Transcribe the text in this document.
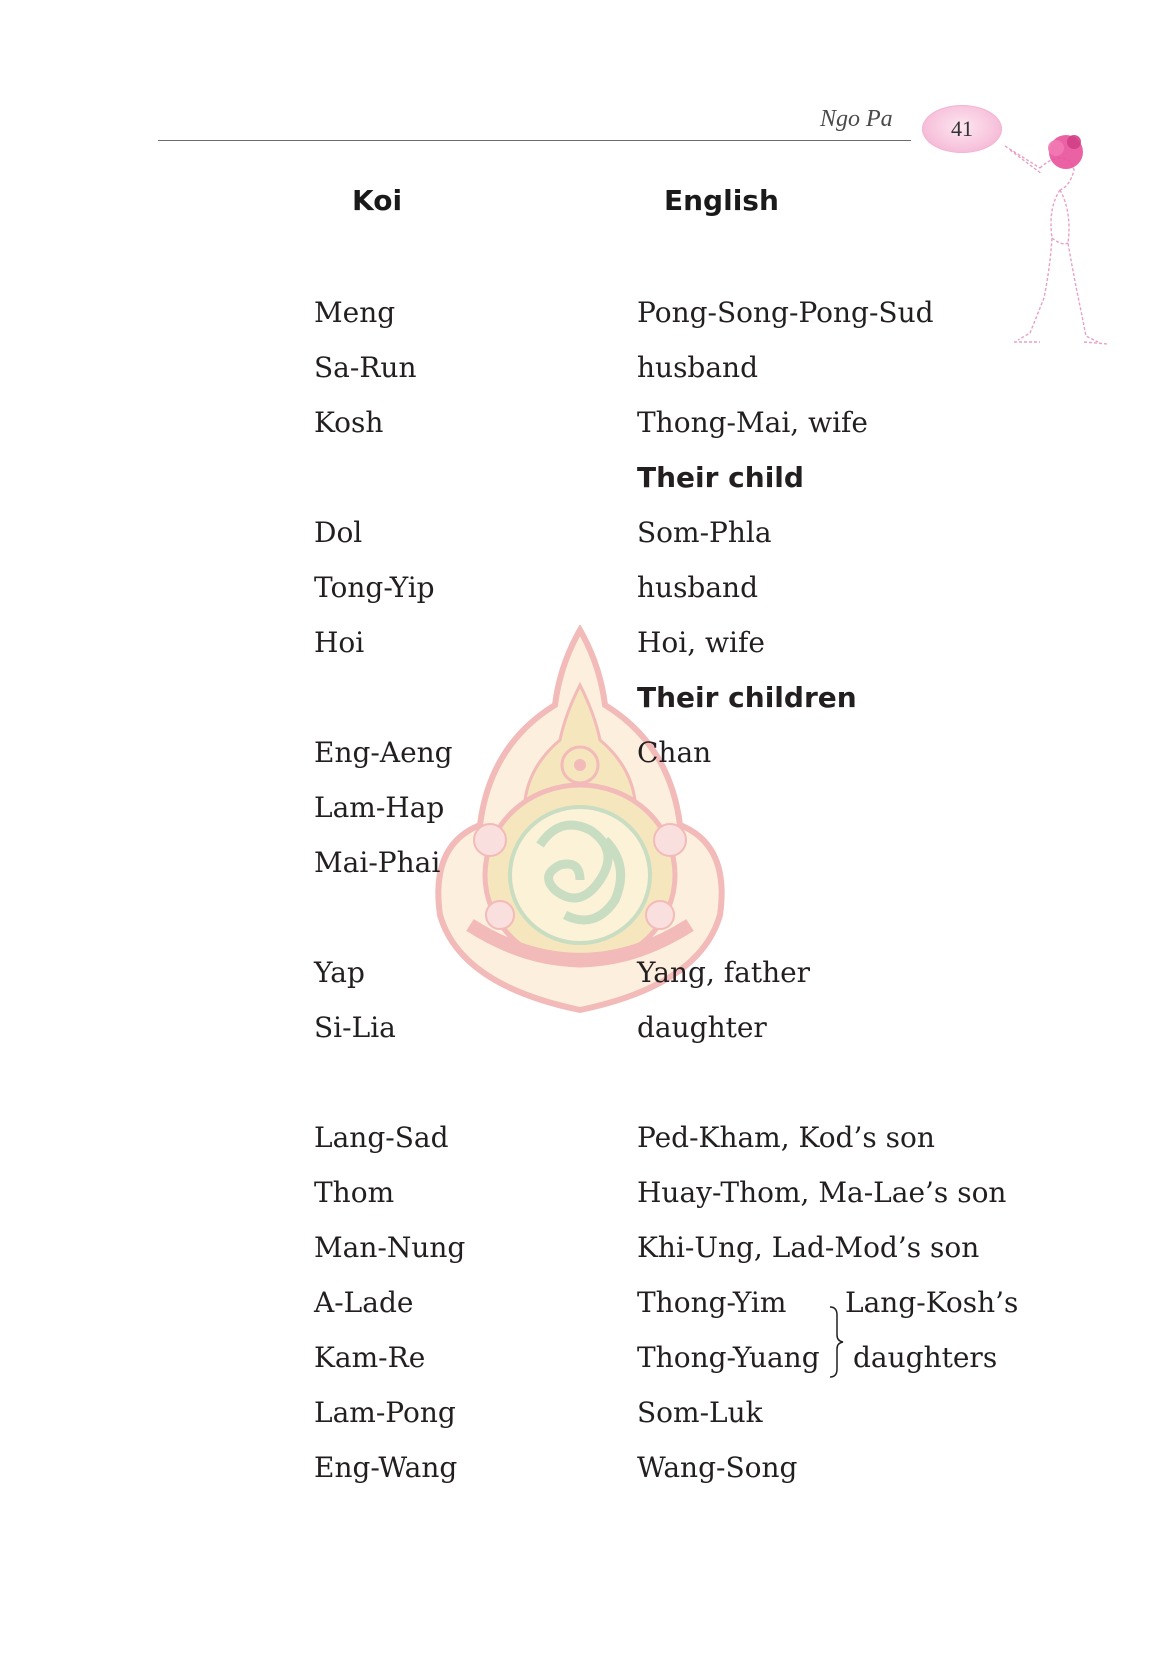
Ngo Pa	41
Koi	English
Meng
Sa-Run
Kosh
Dol
Tong-Yip
Hoi
Eng-Aeng
Lam-Hap
Mai-Phai
Yap
Si-Lia
Lang-Sad
Thom
Man-Nung
A-Lade
Kam-Re
Lam-Pong
Eng-Wang
Pong-Song-Pong-Sud
husband
Thong-Mai, wife
Their child
Som-Phla
husband
Hoi, wife
Their children
Chan
Yang, father
daughter
Ped-Kham, Kod’s son
Huay-Thom, Ma-Lae’s son
Khi-Ung, Lad-Mod’s son
Thong-Yim
Thong-Yuang
Som-Luk
Wang-Song
Lang-Kosh’s
daughters
